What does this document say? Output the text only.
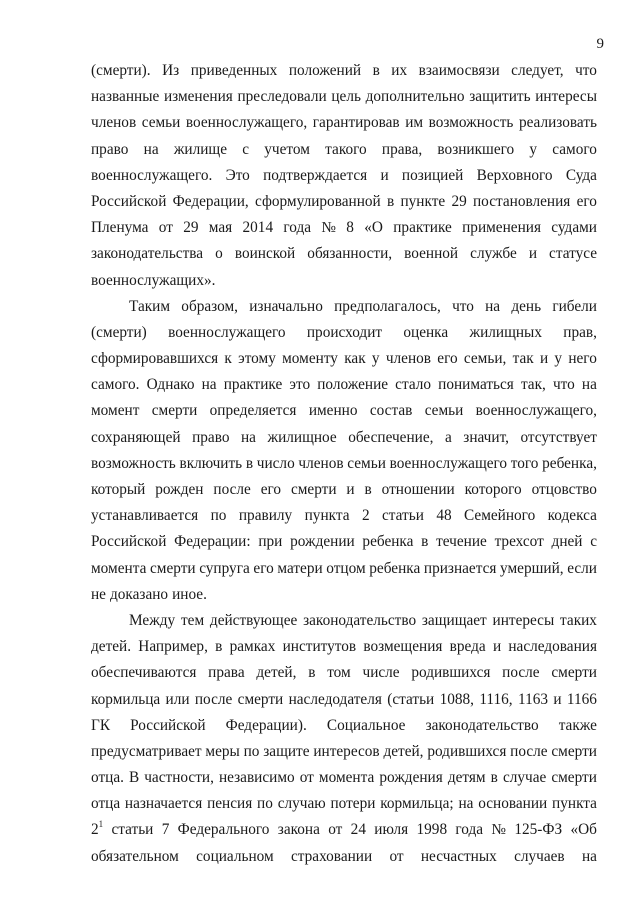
9
(смерти). Из приведенных положений в их взаимосвязи следует, что
названные изменения преследовали цель дополнительно защитить интересы
членов семьи военнослужащего, гарантировав им возможность реализовать
право на жилище с учетом такого права, возникшего у самого
военнослужащего. Это подтверждается и позицией Верховного Суда
Российской Федерации, сформулированной в пункте 29 постановления его
Пленума от 29 мая 2014 года № 8 «О практике применения судами
законодательства о воинской обязанности, военной службе и статусе
военнослужащих».
Таким образом, изначально предполагалось, что на день гибели
(смерти) военнослужащего происходит оценка жилищных прав,
сформировавшихся к этому моменту как у членов его семьи, так и у него
самого. Однако на практике это положение стало пониматься так, что на
момент смерти определяется именно состав семьи военнослужащего,
сохраняющей право на жилищное обеспечение, а значит, отсутствует
возможность включить в число членов семьи военнослужащего того ребенка,
который рожден после его смерти и в отношении которого отцовство
устанавливается по правилу пункта 2 статьи 48 Семейного кодекса
Российской Федерации: при рождении ребенка в течение трехсот дней с
момента смерти супруга его матери отцом ребенка признается умерший, если
не доказано иное.
Между тем действующее законодательство защищает интересы таких
детей. Например, в рамках институтов возмещения вреда и наследования
обеспечиваются права детей, в том числе родившихся после смерти
кормильца или после смерти наследодателя (статьи 1088, 1116, 1163 и 1166
ГК Российской Федерации). Социальное законодательство также
предусматривает меры по защите интересов детей, родившихся после смерти
отца. В частности, независимо от момента рождения детям в случае смерти
отца назначается пенсия по случаю потери кормильца; на основании пункта
$2^1$ статьи 7 Федерального закона от 24 июля 1998 года № 125-ФЗ «Об
обязательном социальном страховании от несчастных случаев на
